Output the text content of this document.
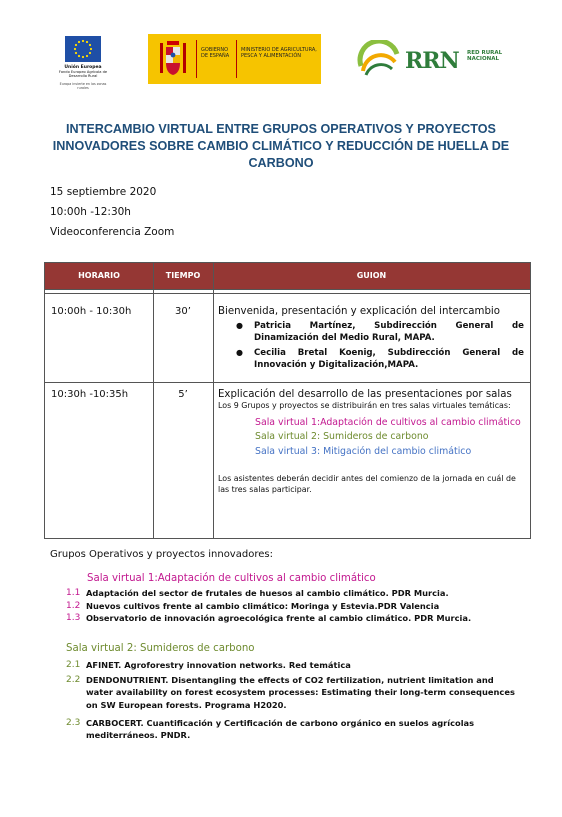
Unión Europea
Fondo Europeo Agrícola de Desarrollo Rural
Europa invierte en las zonas rurales
GOBIERNO DE ESPAÑA
MINISTERIO DE AGRICULTURA, PESCA Y ALIMENTACIÓN	RRN RED RURAL NACIONAL
INTERCAMBIO VIRTUAL ENTRE GRUPOS OPERATIVOS Y PROYECTOS INNOVADORES SOBRE CAMBIO CLIMÁTICO Y REDUCCIÓN DE HUELLA DE CARBONO
15 septiembre 2020
10:00h -12:30h
Videoconferencia Zoom
HORARIO	TIEMPO	GUION
10:00h - 10:30h	30’	Bienvenida, presentación y explicación del intercambio
● Patricia Martínez, Subdirección General de Dinamización del Medio Rural, MAPA.
● Cecilia Bretal Koenig, Subdirección General de Innovación y Digitalización,MAPA.
10:30h -10:35h	5’	Explicación del desarrollo de las presentaciones por salas
Los 9 Grupos y proyectos se distribuirán en tres salas virtuales temáticas:
Sala virtual 1:Adaptación de cultivos al cambio climático
Sala virtual 2: Sumideros de carbono
Sala virtual 3: Mitigación del cambio climático
Los asistentes deberán decidir antes del comienzo de la jornada en cuál de las tres salas participar.
Grupos Operativos y proyectos innovadores:
Sala virtual 1:Adaptación de cultivos al cambio climático
1.1 Adaptación del sector de frutales de huesos al cambio climático. PDR Murcia.
1.2 Nuevos cultivos frente al cambio climático: Moringa y Estevia.PDR Valencia
1.3 Observatorio de innovación agroecológica frente al cambio climático. PDR Murcia.
Sala virtual 2: Sumideros de carbono
2.1 AFINET. Agroforestry innovation networks. Red temática
2.2 DENDONUTRIENT. Disentangling the effects of CO2 fertilization, nutrient limitation and water availability on forest ecosystem processes: Estimating their long-term consequences on SW European forests. Programa H2020.
2.3 CARBOCERT. Cuantificación y Certificación de carbono orgánico en suelos agrícolas mediterráneos. PNDR.
